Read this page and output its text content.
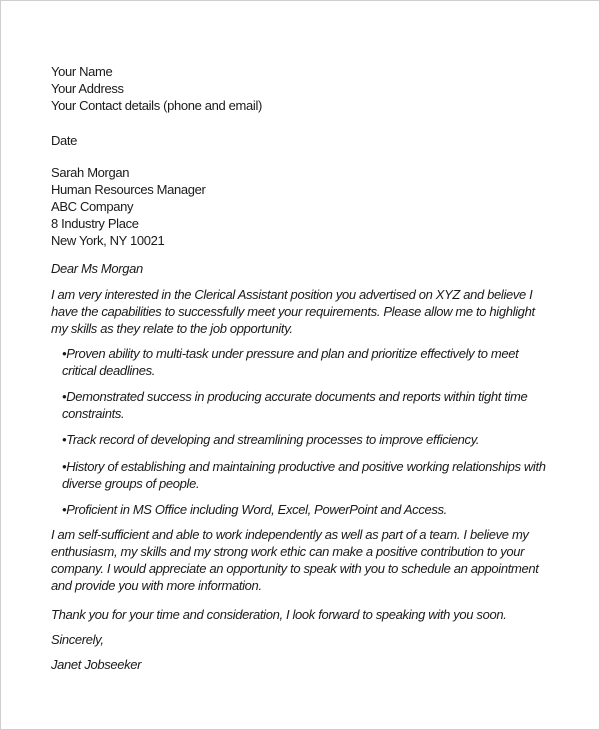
Your Name
Your Address
Your Contact details (phone and email)
Date
Sarah Morgan
Human Resources Manager
ABC Company
8 Industry Place
New York, NY 10021
Dear Ms Morgan

I am very interested in the Clerical Assistant position you advertised on XYZ and believe I have the capabilities to successfully meet your requirements. Please allow me to highlight my skills as they relate to the job opportunity.

•Proven ability to multi-task under pressure and plan and prioritize effectively to meet critical deadlines.
•Demonstrated success in producing accurate documents and reports within tight time constraints.
•Track record of developing and streamlining processes to improve efficiency.
•History of establishing and maintaining productive and positive working relationships with diverse groups of people.
•Proficient in MS Office including Word, Excel, PowerPoint and Access.

I am self-sufficient and able to work independently as well as part of a team. I believe my enthusiasm, my skills and my strong work ethic can make a positive contribution to your company. I would appreciate an opportunity to speak with you to schedule an appointment and provide you with more information.

Thank you for your time and consideration, I look forward to speaking with you soon.
Sincerely,
Janet Jobseeker
